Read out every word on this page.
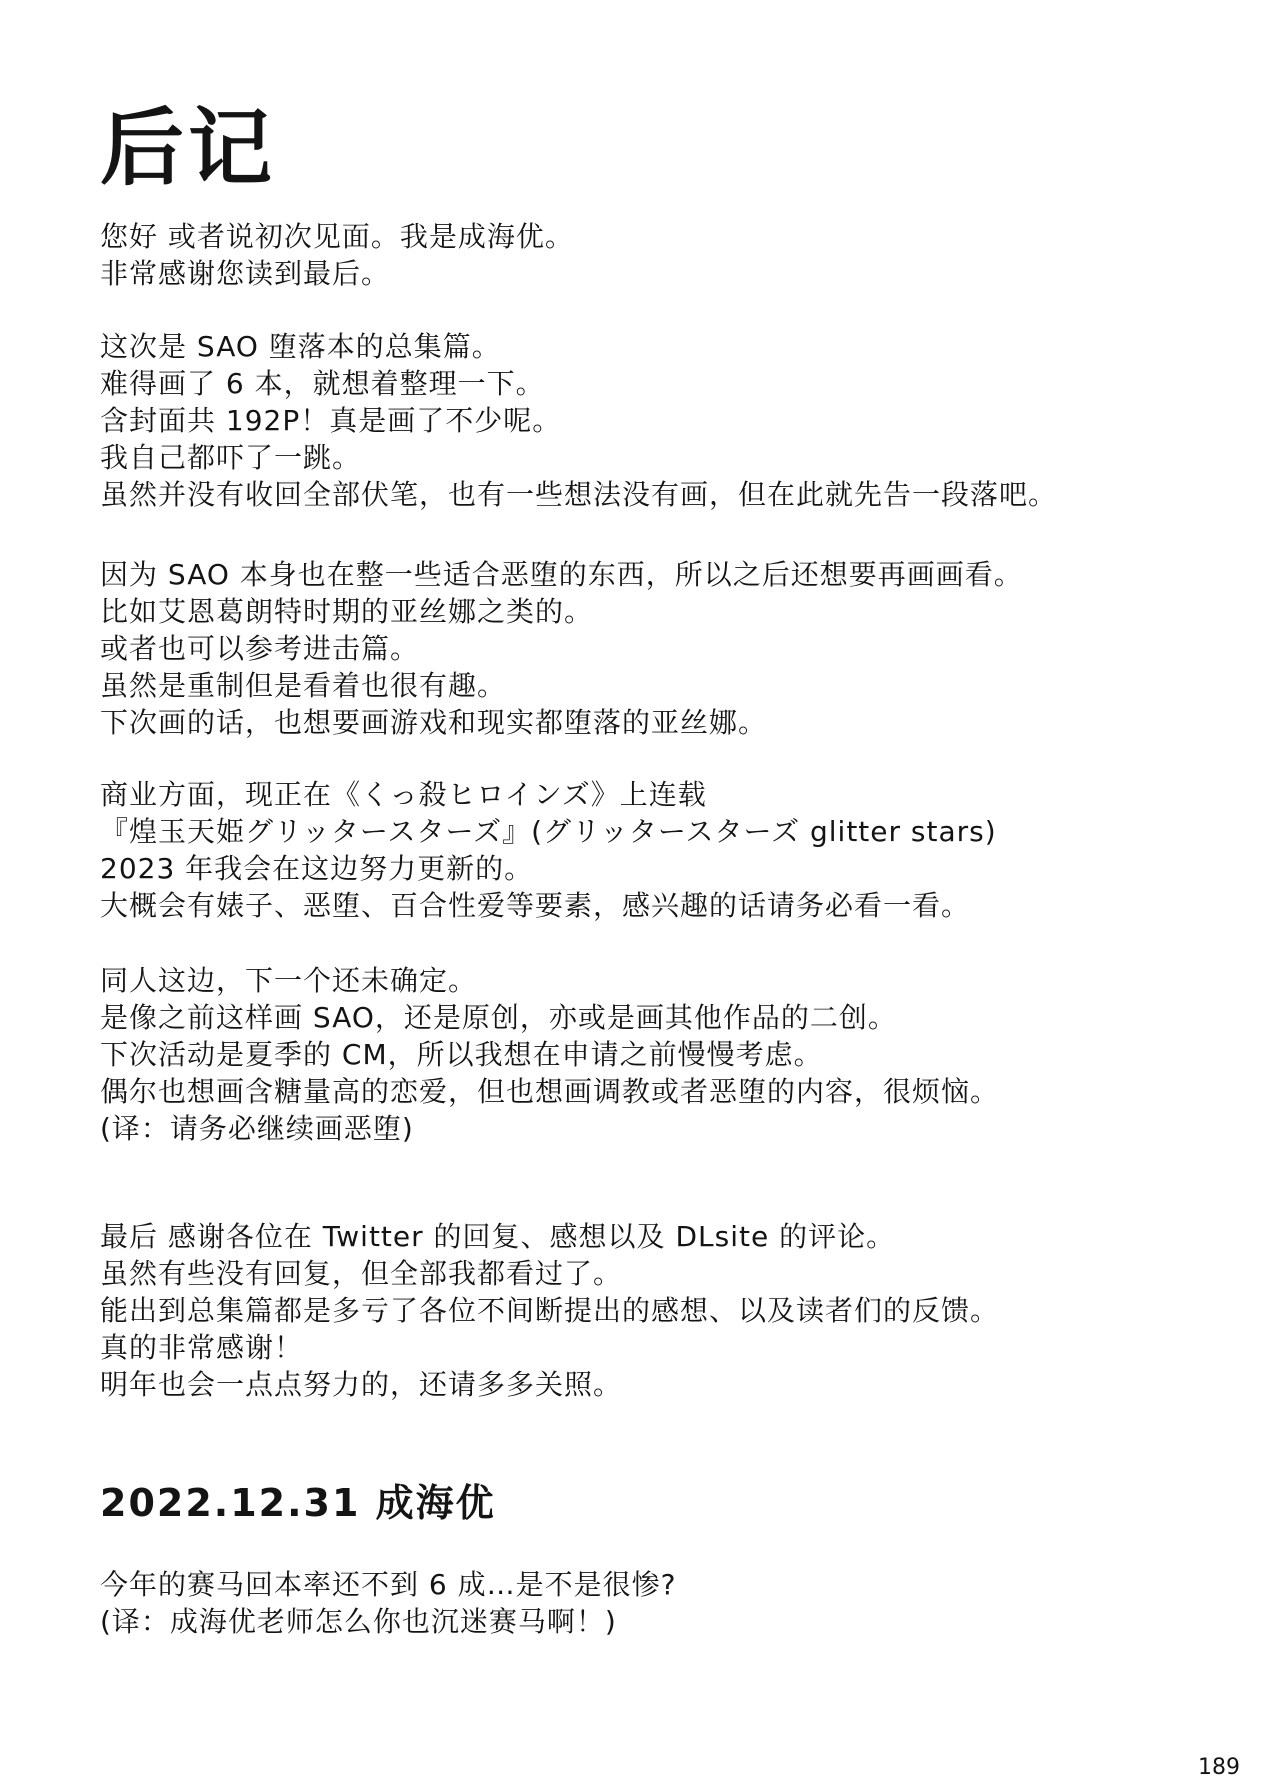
后记
您好 或者说初次见面。我是成海优。
非常感谢您读到最后。
这次是 SAO 堕落本的总集篇。
难得画了 6 本，就想着整理一下。
含封面共 192P！真是画了不少呢。
我自己都吓了一跳。
虽然并没有收回全部伏笔，也有一些想法没有画，但在此就先告一段落吧。
因为 SAO 本身也在整一些适合恶堕的东西，所以之后还想要再画画看。
比如艾恩葛朗特时期的亚丝娜之类的。
或者也可以参考进击篇。
虽然是重制但是看着也很有趣。
下次画的话，也想要画游戏和现实都堕落的亚丝娜。
商业方面，现正在《くっ殺ヒロインズ》上连载
『煌玉天姫グリッタースターズ』(グリッタースターズ glitter stars)
2023 年我会在这边努力更新的。
大概会有婊子、恶堕、百合性爱等要素，感兴趣的话请务必看一看。
同人这边，下一个还未确定。
是像之前这样画 SAO，还是原创，亦或是画其他作品的二创。
下次活动是夏季的 CM，所以我想在申请之前慢慢考虑。
偶尔也想画含糖量高的恋爱，但也想画调教或者恶堕的内容，很烦恼。
(译：请务必继续画恶堕)
最后 感谢各位在 Twitter 的回复、感想以及 DLsite 的评论。
虽然有些没有回复，但全部我都看过了。
能出到总集篇都是多亏了各位不间断提出的感想、以及读者们的反馈。
真的非常感谢！
明年也会一点点努力的，还请多多关照。
2022.12.31 成海优
今年的赛马回本率还不到 6 成…是不是很惨?
(译：成海优老师怎么你也沉迷赛马啊！)
189
